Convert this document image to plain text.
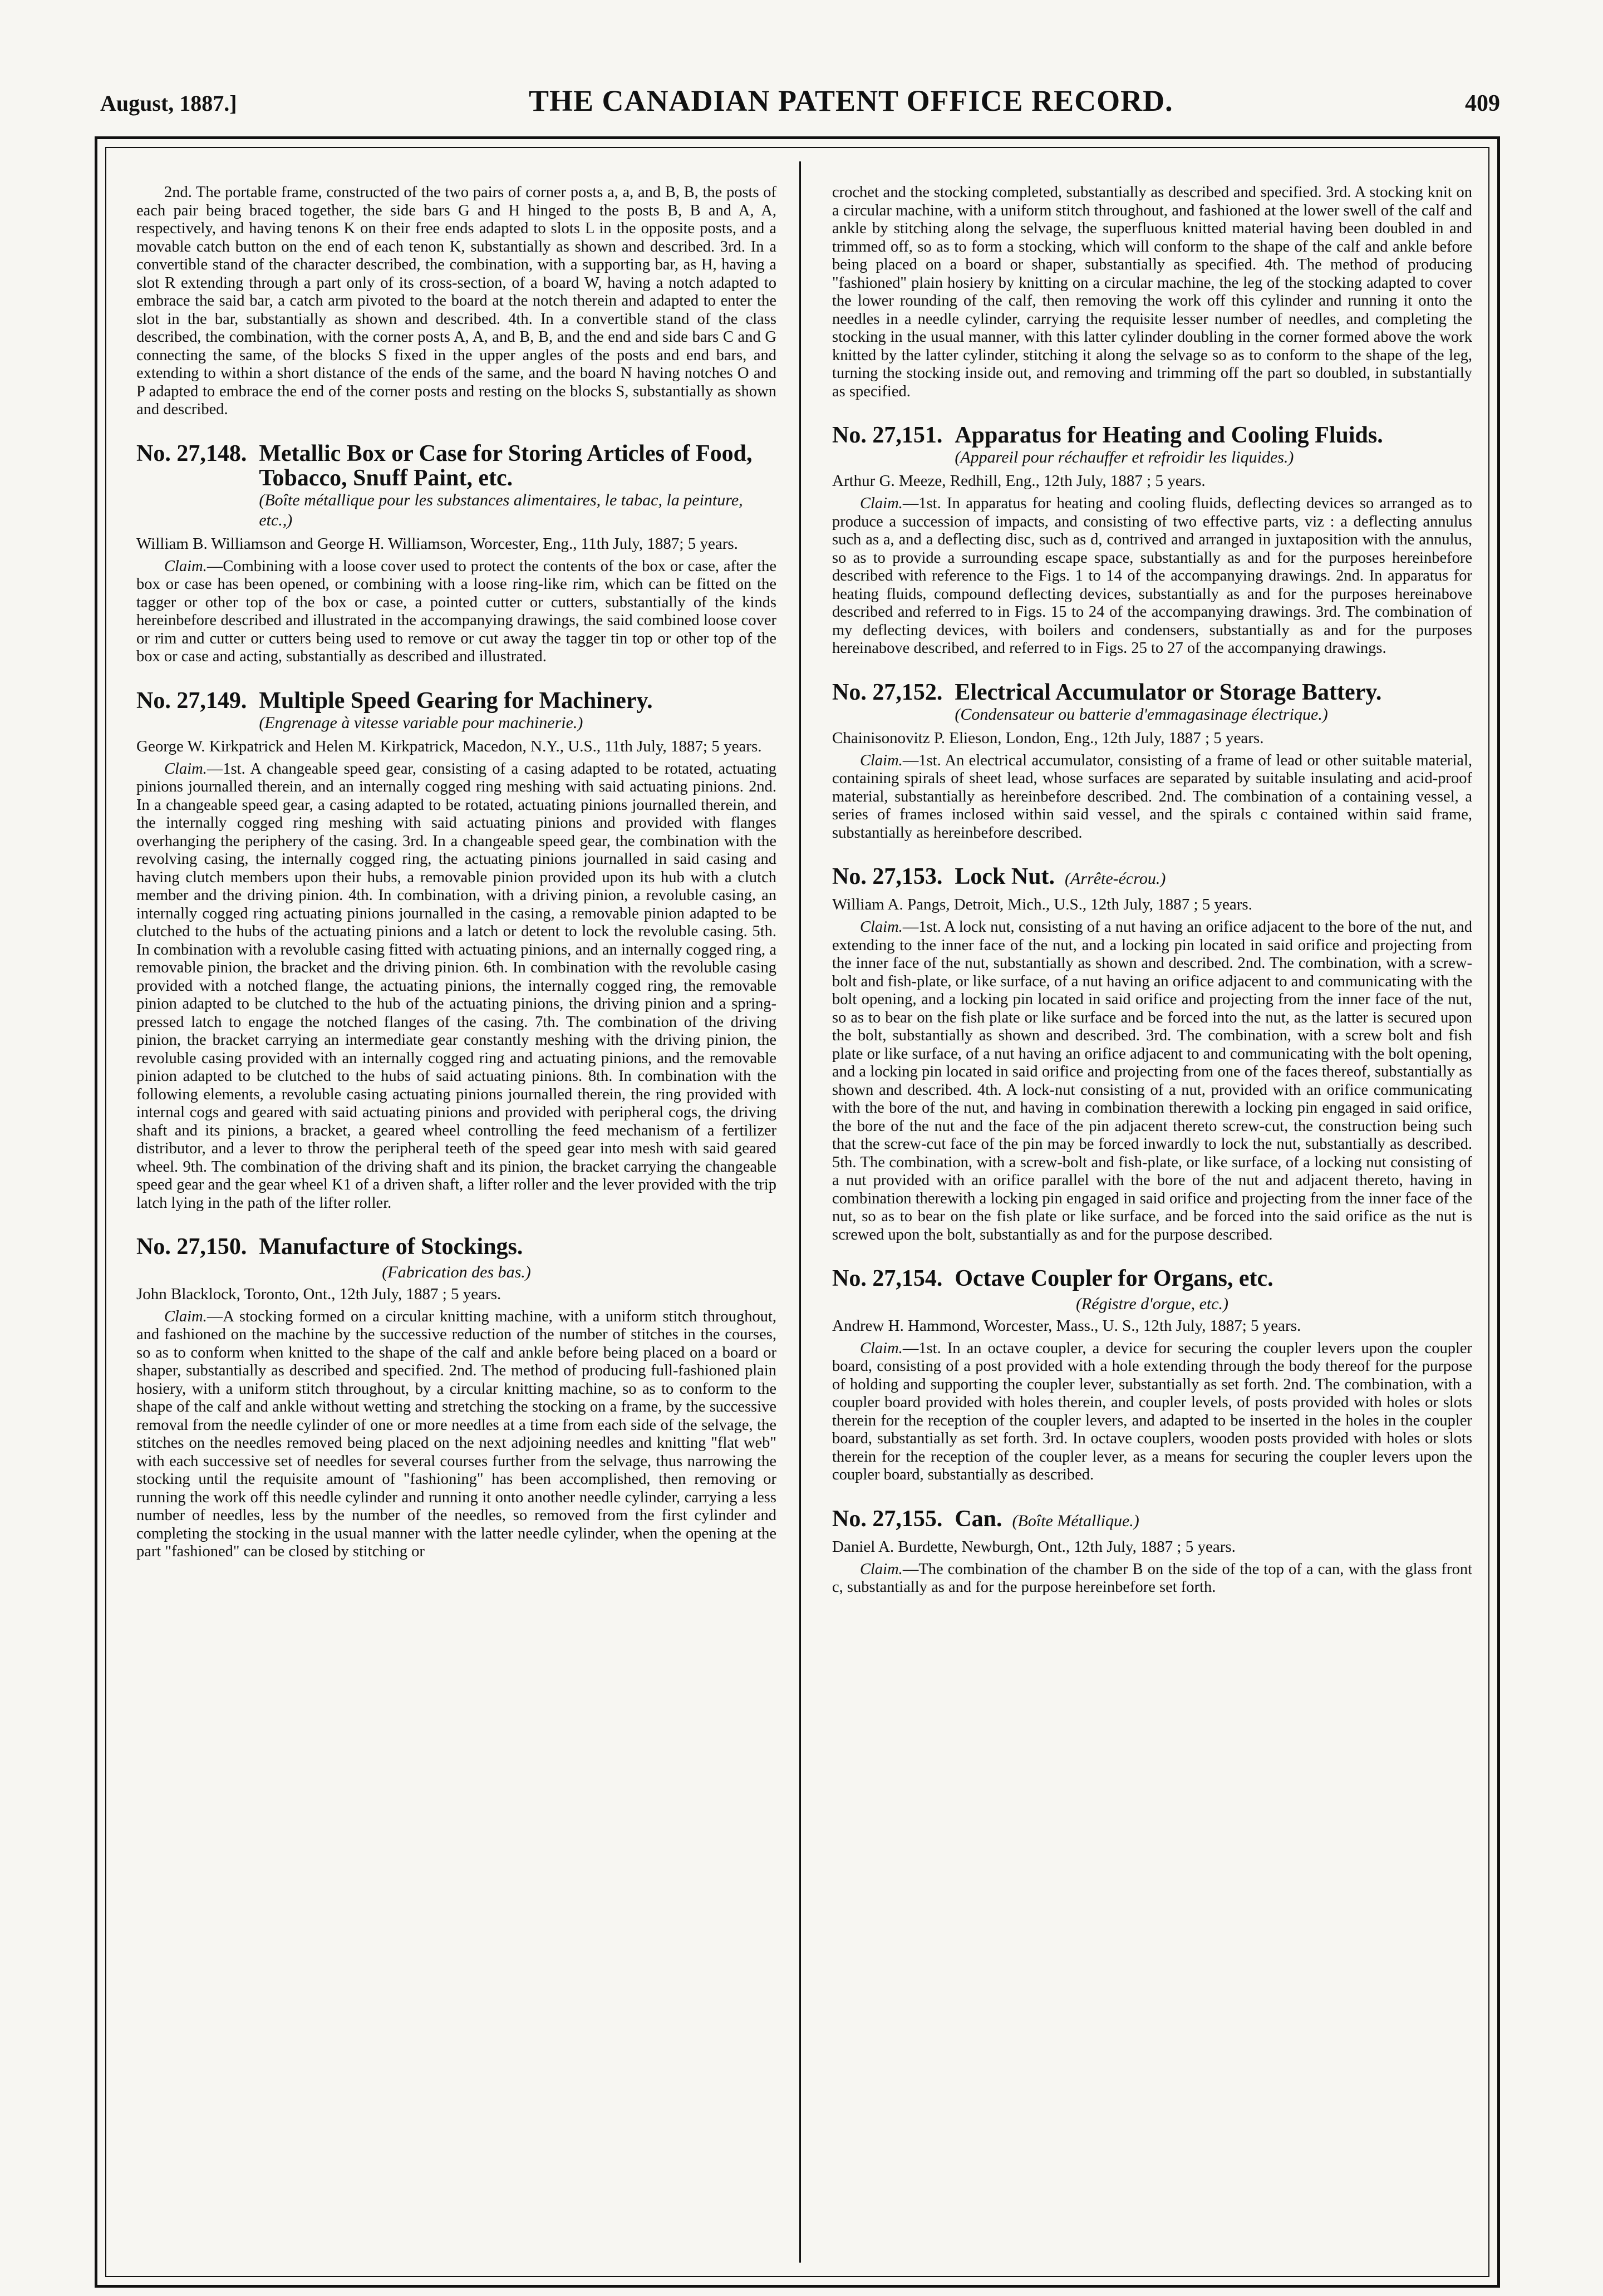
August, 1887.]	THE CANADIAN PATENT OFFICE RECORD.	409

2nd. The portable frame, constructed of the two pairs of corner posts a, a, and B, B, the posts of each pair being braced together, the side bars G and H hinged to the posts B, B and A, A, respectively, and having tenons K on their free ends adapted to slots L in the opposite posts, and a movable catch button on the end of each tenon K, substantially as shown and described. 3rd. In a convertible stand of the character described, the combination, with a supporting bar, as H, having a slot R extending through a part only of its cross-section, of a board W, having a notch adapted to embrace the said bar, a catch arm pivoted to the board at the notch therein and adapted to enter the slot in the bar, substantially as shown and described. 4th. In a convertible stand of the class described, the combination, with the corner posts A, A, and B, B, and the end and side bars C and G connecting the same, of the blocks S fixed in the upper angles of the posts and end bars, and extending to within a short distance of the ends of the same, and the board N having notches O and P adapted to embrace the end of the corner posts and resting on the blocks S, substantially as shown and described.

No. 27,148. Metallic Box or Case for Storing Articles of Food, Tobacco, Snuff Paint, etc.
(Boîte métallique pour les substances alimentaires, le tabac, la peinture, etc.,)

William B. Williamson and George H. Williamson, Worcester, Eng., 11th July, 1887; 5 years.

Claim.—Combining with a loose cover used to protect the contents of the box or case, after the box or case has been opened, or combining with a loose ring-like rim, which can be fitted on the tagger or other top of the box or case, a pointed cutter or cutters, substantially of the kinds hereinbefore described and illustrated in the accompanying drawings, the said combined loose cover or rim and cutter or cutters being used to remove or cut away the tagger tin top or other top of the box or case and acting, substantially as described and illustrated.

No. 27,149. Multiple Speed Gearing for Machinery.
(Engrenage à vitesse variable pour machinerie.)

George W. Kirkpatrick and Helen M. Kirkpatrick, Macedon, N.Y., U.S., 11th July, 1887; 5 years.

Claim.—1st. A changeable speed gear, consisting of a casing adapted to be rotated, actuating pinions journalled therein, and an internally cogged ring meshing with said actuating pinions. 2nd. In a changeable speed gear, a casing adapted to be rotated, actuating pinions journalled therein, and the internally cogged ring meshing with said actuating pinions and provided with flanges overhanging the periphery of the casing. 3rd. In a changeable speed gear, the combination with the revolving casing, the internally cogged ring, the actuating pinions journalled in said casing and having clutch members upon their hubs, a removable pinion provided upon its hub with a clutch member and the driving pinion. 4th. In combination, with a driving pinion, a revoluble casing, an internally cogged ring actuating pinions journalled in the casing, a removable pinion adapted to be clutched to the hubs of the actuating pinions and a latch or detent to lock the revoluble casing. 5th. In combination with a revoluble casing fitted with actuating pinions, and an internally cogged ring, a removable pinion, the bracket and the driving pinion. 6th. In combination with the revoluble casing provided with a notched flange, the actuating pinions, the internally cogged ring, the removable pinion adapted to be clutched to the hub of the actuating pinions, the driving pinion and a spring-pressed latch to engage the notched flanges of the casing. 7th. The combination of the driving pinion, the bracket carrying an intermediate gear constantly meshing with the driving pinion, the revoluble casing provided with an internally cogged ring and actuating pinions, and the removable pinion adapted to be clutched to the hubs of said actuating pinions. 8th. In combination with the following elements, a revoluble casing actuating pinions journalled therein, the ring provided with internal cogs and geared with said actuating pinions and provided with peripheral cogs, the driving shaft and its pinions, a bracket, a geared wheel controlling the feed mechanism of a fertilizer distributor, and a lever to throw the peripheral teeth of the speed gear into mesh with said geared wheel. 9th. The combination of the driving shaft and its pinion, the bracket carrying the changeable speed gear and the gear wheel K1 of a driven shaft, a lifter roller and the lever provided with the trip latch lying in the path of the lifter roller.

No. 27,150. Manufacture of Stockings.

(Fabrication des bas.)

John Blacklock, Toronto, Ont., 12th July, 1887 ; 5 years.

Claim.—A stocking formed on a circular knitting machine, with a uniform stitch throughout, and fashioned on the machine by the successive reduction of the number of stitches in the courses, so as to conform when knitted to the shape of the calf and ankle before being placed on a board or shaper, substantially as described and specified. 2nd. The method of producing full-fashioned plain hosiery, with a uniform stitch throughout, by a circular knitting machine, so as to conform to the shape of the calf and ankle without wetting and stretching the stocking on a frame, by the successive removal from the needle cylinder of one or more needles at a time from each side of the selvage, the stitches on the needles removed being placed on the next adjoining needles and knitting "flat web" with each successive set of needles for several courses further from the selvage, thus narrowing the stocking until the requisite amount of "fashioning" has been accomplished, then removing or running the work off this needle cylinder and running it onto another needle cylinder, carrying a less number of needles, less by the number of the needles, so removed from the first cylinder and completing the stocking in the usual manner with the latter needle cylinder, when the opening at the part "fashioned" can be closed by stitching or

crochet and the stocking completed, substantially as described and specified. 3rd. A stocking knit on a circular machine, with a uniform stitch throughout, and fashioned at the lower swell of the calf and ankle by stitching along the selvage, the superfluous knitted material having been doubled in and trimmed off, so as to form a stocking, which will conform to the shape of the calf and ankle before being placed on a board or shaper, substantially as specified. 4th. The method of producing "fashioned" plain hosiery by knitting on a circular machine, the leg of the stocking adapted to cover the lower rounding of the calf, then removing the work off this cylinder and running it onto the needles in a needle cylinder, carrying the requisite lesser number of needles, and completing the stocking in the usual manner, with this latter cylinder doubling in the corner formed above the work knitted by the latter cylinder, stitching it along the selvage so as to conform to the shape of the leg, turning the stocking inside out, and removing and trimming off the part so doubled, in substantially as specified.

No. 27,151. Apparatus for Heating and Cooling Fluids.
(Appareil pour réchauffer et refroidir les liquides.)

Arthur G. Meeze, Redhill, Eng., 12th July, 1887 ; 5 years.

Claim.—1st. In apparatus for heating and cooling fluids, deflecting devices so arranged as to produce a succession of impacts, and consisting of two effective parts, viz : a deflecting annulus such as a, and a deflecting disc, such as d, contrived and arranged in juxtaposition with the annulus, so as to provide a surrounding escape space, substantially as and for the purposes hereinbefore described with reference to the Figs. 1 to 14 of the accompanying drawings. 2nd. In apparatus for heating fluids, compound deflecting devices, substantially as and for the purposes hereinabove described and referred to in Figs. 15 to 24 of the accompanying drawings. 3rd. The combination of my deflecting devices, with boilers and condensers, substantially as and for the purposes hereinabove described, and referred to in Figs. 25 to 27 of the accompanying drawings.

No. 27,152. Electrical Accumulator or Storage Battery.
(Condensateur ou batterie d'emmagasinage électrique.)

Chainisonovitz P. Elieson, London, Eng., 12th July, 1887 ; 5 years.

Claim.—1st. An electrical accumulator, consisting of a frame of lead or other suitable material, containing spirals of sheet lead, whose surfaces are separated by suitable insulating and acid-proof material, substantially as hereinbefore described. 2nd. The combination of a containing vessel, a series of frames inclosed within said vessel, and the spirals c contained within said frame, substantially as hereinbefore described.

No. 27,153. Lock Nut. (Arrête-écrou.)

William A. Pangs, Detroit, Mich., U.S., 12th July, 1887 ; 5 years.

Claim.—1st. A lock nut, consisting of a nut having an orifice adjacent to the bore of the nut, and extending to the inner face of the nut, and a locking pin located in said orifice and projecting from the inner face of the nut, substantially as shown and described. 2nd. The combination, with a screw-bolt and fish-plate, or like surface, of a nut having an orifice adjacent to and communicating with the bolt opening, and a locking pin located in said orifice and projecting from the inner face of the nut, so as to bear on the fish plate or like surface and be forced into the nut, as the latter is secured upon the bolt, substantially as shown and described. 3rd. The combination, with a screw bolt and fish plate or like surface, of a nut having an orifice adjacent to and communicating with the bolt opening, and a locking pin located in said orifice and projecting from one of the faces thereof, substantially as shown and described. 4th. A lock-nut consisting of a nut, provided with an orifice communicating with the bore of the nut, and having in combination therewith a locking pin engaged in said orifice, the bore of the nut and the face of the pin adjacent thereto screw-cut, the construction being such that the screw-cut face of the pin may be forced inwardly to lock the nut, substantially as described. 5th. The combination, with a screw-bolt and fish-plate, or like surface, of a locking nut consisting of a nut provided with an orifice parallel with the bore of the nut and adjacent thereto, having in combination therewith a locking pin engaged in said orifice and projecting from the inner face of the nut, so as to bear on the fish plate or like surface, and be forced into the said orifice as the nut is screwed upon the bolt, substantially as and for the purpose described.

No. 27,154. Octave Coupler for Organs, etc.

(Régistre d'orgue, etc.)

Andrew H. Hammond, Worcester, Mass., U. S., 12th July, 1887; 5 years.

Claim.—1st. In an octave coupler, a device for securing the coupler levers upon the coupler board, consisting of a post provided with a hole extending through the body thereof for the purpose of holding and supporting the coupler lever, substantially as set forth. 2nd. The combination, with a coupler board provided with holes therein, and coupler levels, of posts provided with holes or slots therein for the reception of the coupler levers, and adapted to be inserted in the holes in the coupler board, substantially as set forth. 3rd. In octave couplers, wooden posts provided with holes or slots therein for the reception of the coupler lever, as a means for securing the coupler levers upon the coupler board, substantially as described.

No. 27,155. Can. (Boîte Métallique.)

Daniel A. Burdette, Newburgh, Ont., 12th July, 1887 ; 5 years.

Claim.—The combination of the chamber B on the side of the top of a can, with the glass front c, substantially as and for the purpose hereinbefore set forth.
